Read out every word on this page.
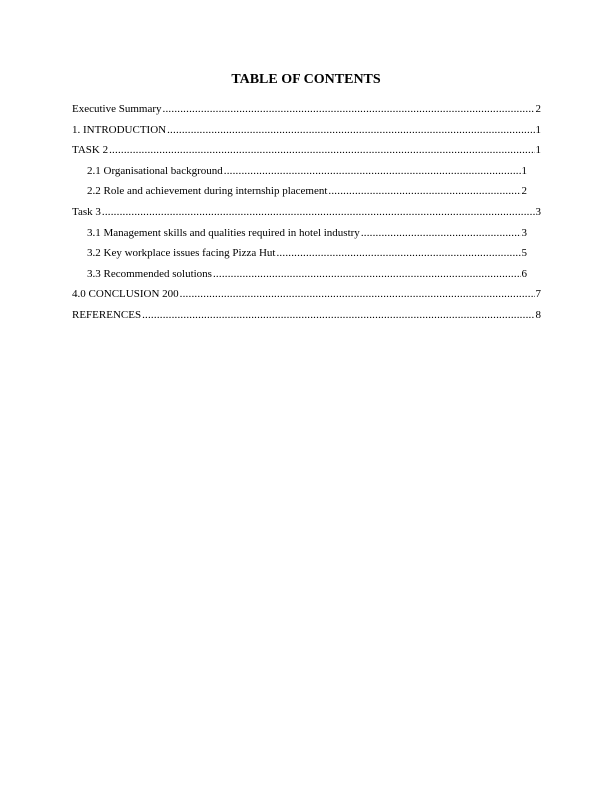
TABLE OF CONTENTS
Executive Summary .....	2
1. INTRODUCTION .....	1
TASK 2 .....	1
2.1 Organisational background .....	1
2.2 Role and achievement during internship placement .....	2
Task 3 .....	3
3.1 Management skills and qualities required in hotel industry .....	3
3.2 Key workplace issues facing Pizza Hut .....	5
3.3 Recommended solutions .....	6
4.0 CONCLUSION 200 .....	7
REFERENCES .....	8
